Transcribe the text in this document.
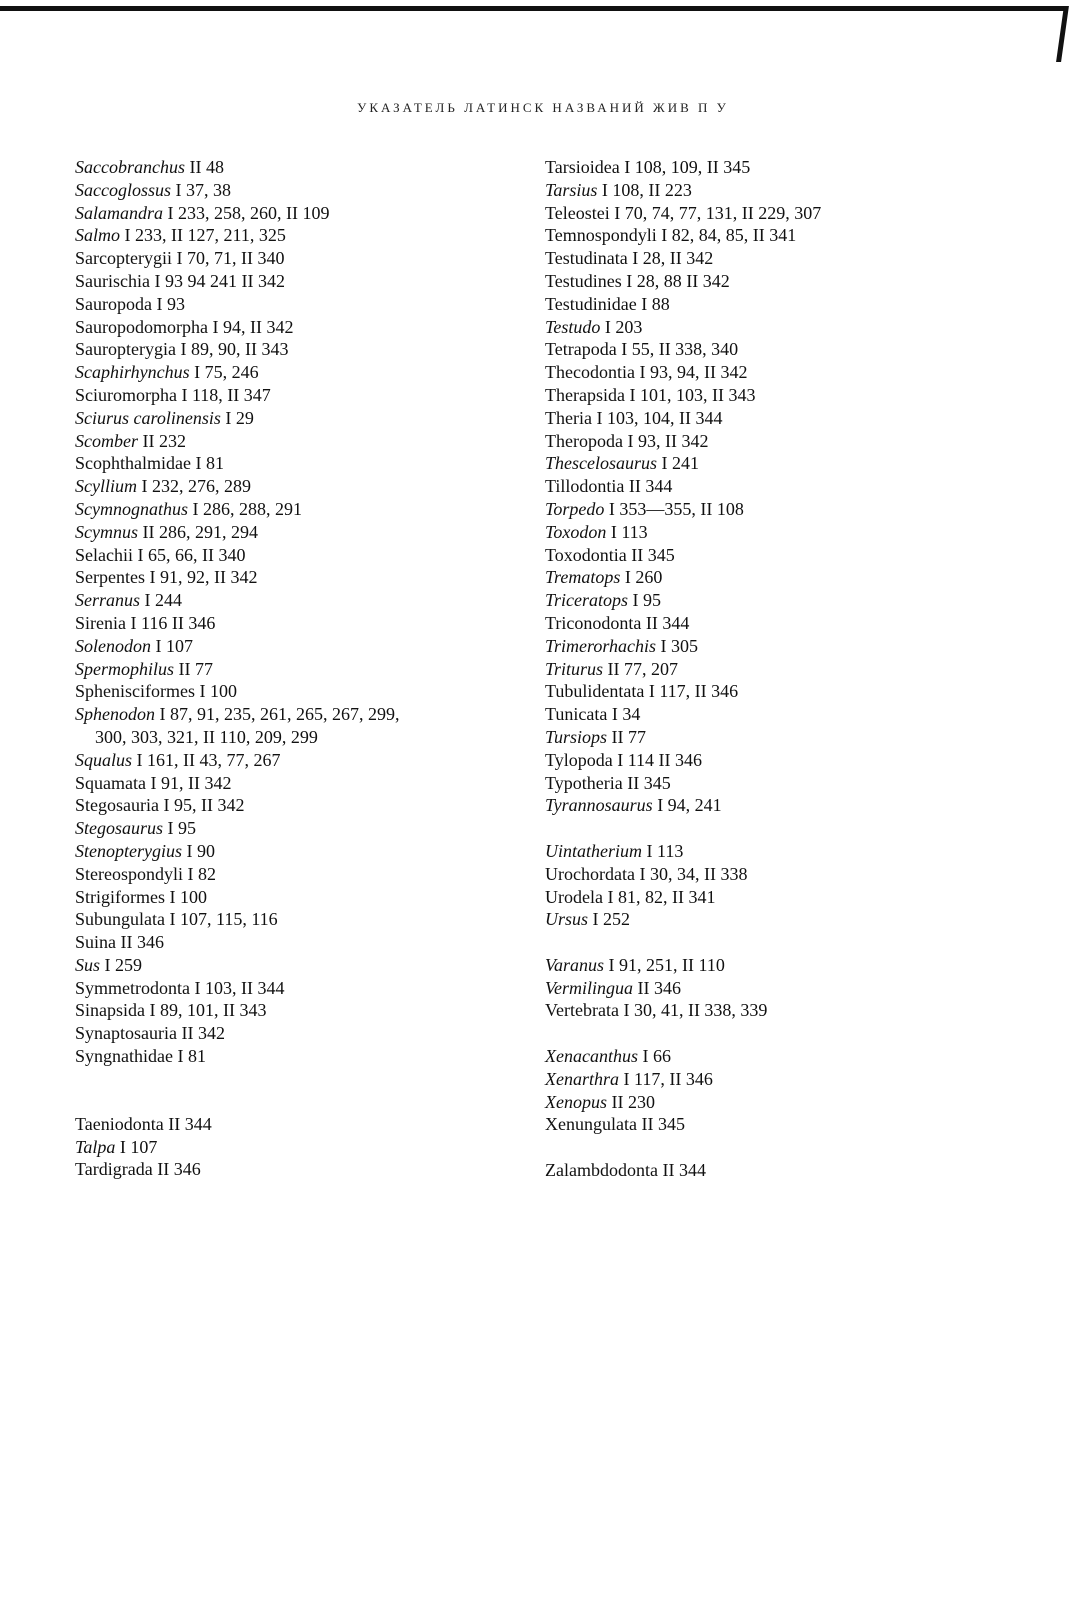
УКАЗАТЕЛЬ ЛАТИНСК НАЗВАНИЙ ЖИВ П У
Saccobranchus II 48
Saccoglossus I 37, 38
Salamandra I 233, 258, 260, II 109
Salmo I 233, II 127, 211, 325
Sarcopterygii I 70, 71, II 340
Saurischia I 93 94 241 II 342
Sauropoda I 93
Sauropodomorpha I 94, II 342
Sauropterygia I 89, 90, II 343
Scaphirhynchus I 75, 246
Sciuromorpha I 118, II 347
Sciurus carolinensis I 29
Scomber II 232
Scophthalmidae I 81
Scyllium I 232, 276, 289
Scymnognathus I 286, 288, 291
Scymnus II 286, 291, 294
Selachii I 65, 66, II 340
Serpentes I 91, 92, II 342
Serranus I 244
Sirenia I 116 II 346
Solenodon I 107
Spermophilus II 77
Sphenisciformes I 100
Sphenodon I 87, 91, 235, 261, 265, 267, 299,
300, 303, 321, II 110, 209, 299
Squalus I 161, II 43, 77, 267
Squamata I 91, II 342
Stegosauria I 95, II 342
Stegosaurus I 95
Stenopterygius I 90
Stereospondyli I 82
Strigiformes I 100
Subungulata I 107, 115, 116
Suina II 346
Sus I 259
Symmetrodonta I 103, II 344
Sinapsida I 89, 101, II 343
Synaptosauria II 342
Syngnathidae I 81
Taeniodonta II 344
Talpa I 107
Tardigrada II 346
Tarsioidea I 108, 109, II 345
Tarsius I 108, II 223
Teleostei I 70, 74, 77, 131, II 229, 307
Temnospondyli I 82, 84, 85, II 341
Testudinata I 28, II 342
Testudines I 28, 88 II 342
Testudinidae I 88
Testudo I 203
Tetrapoda I 55, II 338, 340
Thecodontia I 93, 94, II 342
Therapsida I 101, 103, II 343
Theria I 103, 104, II 344
Theropoda I 93, II 342
Thescelosaurus I 241
Tillodontia II 344
Torpedo I 353—355, II 108
Toxodon I 113
Toxodontia II 345
Trematops I 260
Triceratops I 95
Triconodonta II 344
Trimerorhachis I 305
Triturus II 77, 207
Tubulidentata I 117, II 346
Tunicata I 34
Tursiops II 77
Tylopoda I 114 II 346
Typotheria II 345
Tyrannosaurus I 94, 241
Uintatherium I 113
Urochordata I 30, 34, II 338
Urodela I 81, 82, II 341
Ursus I 252
Varanus I 91, 251, II 110
Vermilingua II 346
Vertebrata I 30, 41, II 338, 339
Xenacanthus I 66
Xenarthra I 117, II 346
Xenopus II 230
Xenungulata II 345
Zalambdodonta II 344
